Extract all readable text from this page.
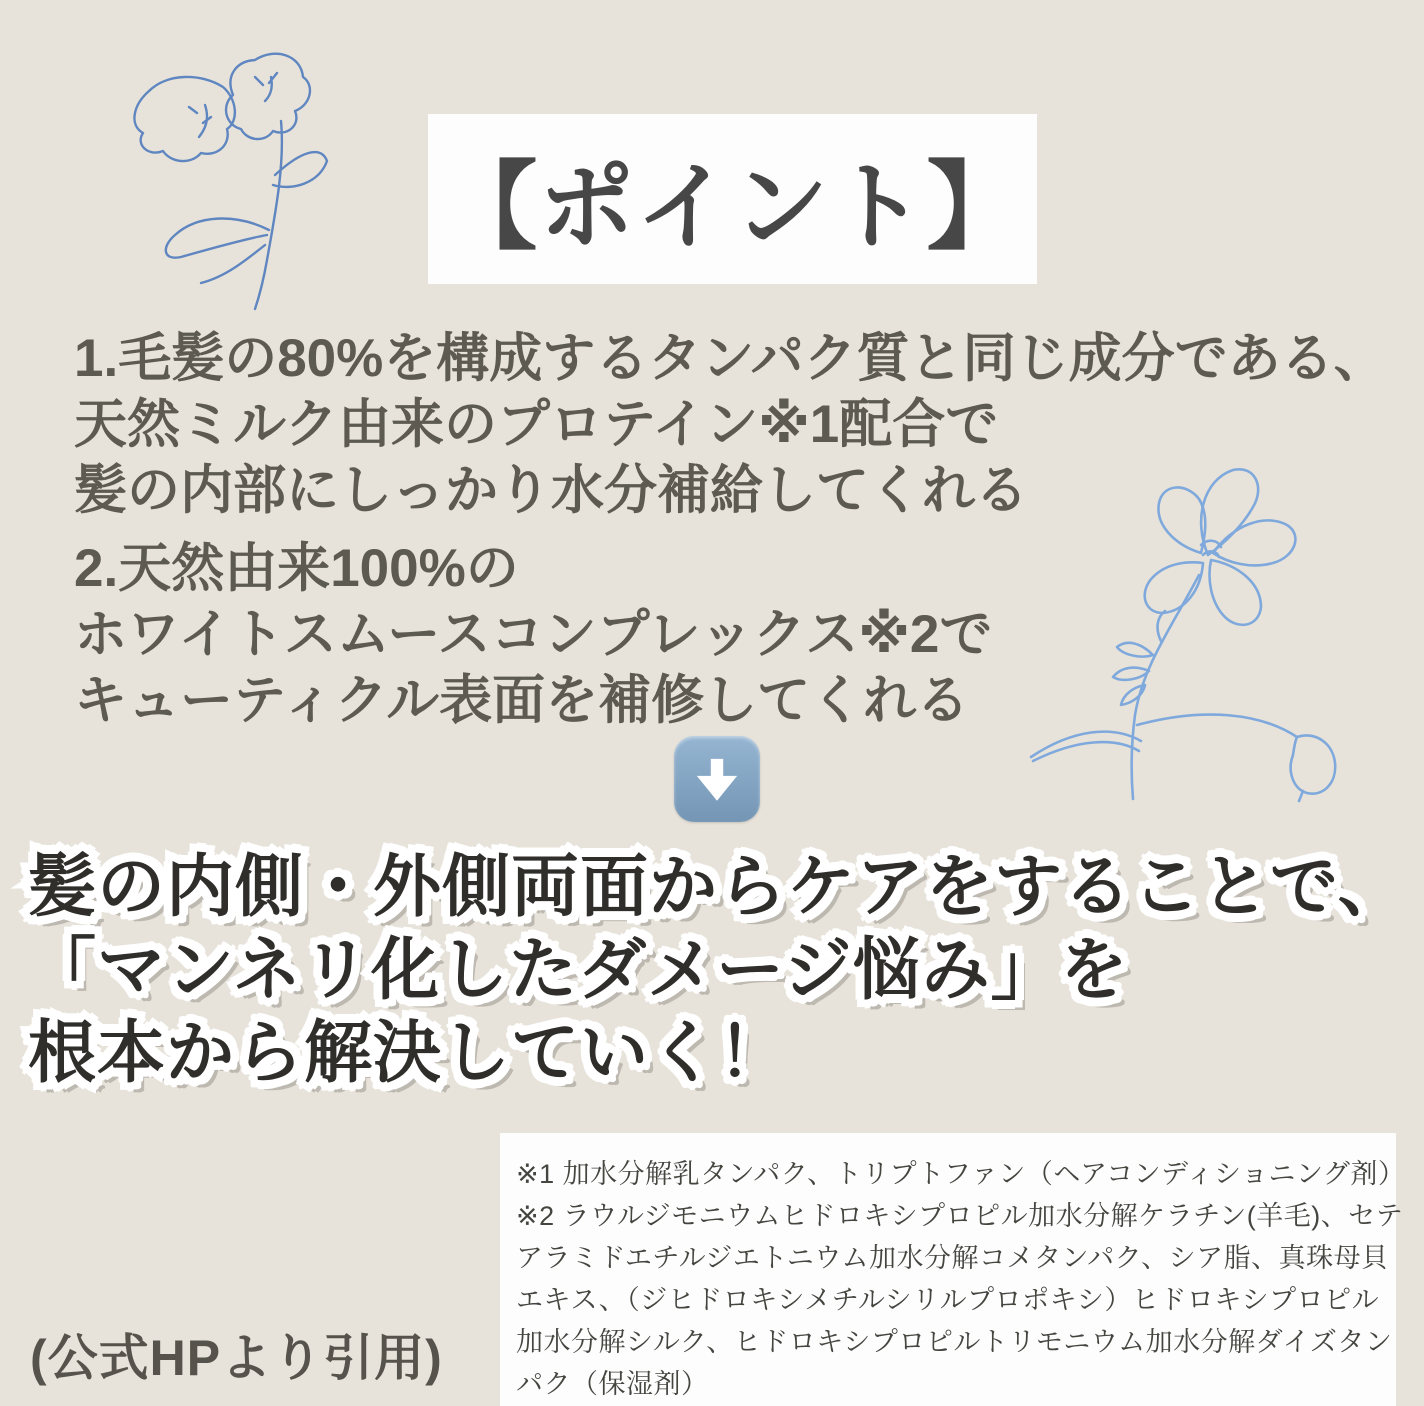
【ポイント】
1.毛髪の80%を構成するタンパク質と同じ成分である、
天然ミルク由来のプロテイン※1配合で
髪の内部にしっかり水分補給してくれる
2.天然由来100%の
ホワイトスムースコンプレックス※2で
キューティクル表面を補修してくれる
髪の内側・外側両面からケアをすることで、 髪の内側・外側両面からケアをすることで、
「マンネリ化したダメージ悩み」を 「マンネリ化したダメージ悩み」を
根本から解決していく！ 根本から解決していく！
※1 加水分解乳タンパク、トリプトファン（ヘアコンディショニング剤）
※2 ラウルジモニウムヒドロキシプロピル加水分解ケラチン(羊毛)、セテ
アラミドエチルジエトニウム加水分解コメタンパク、シア脂、真珠母貝
エキス、（ジヒドロキシメチルシリルプロポキシ）ヒドロキシプロピル
加水分解シルク、ヒドロキシプロピルトリモニウム加水分解ダイズタン
パク（保湿剤）
(公式HPより引用)
